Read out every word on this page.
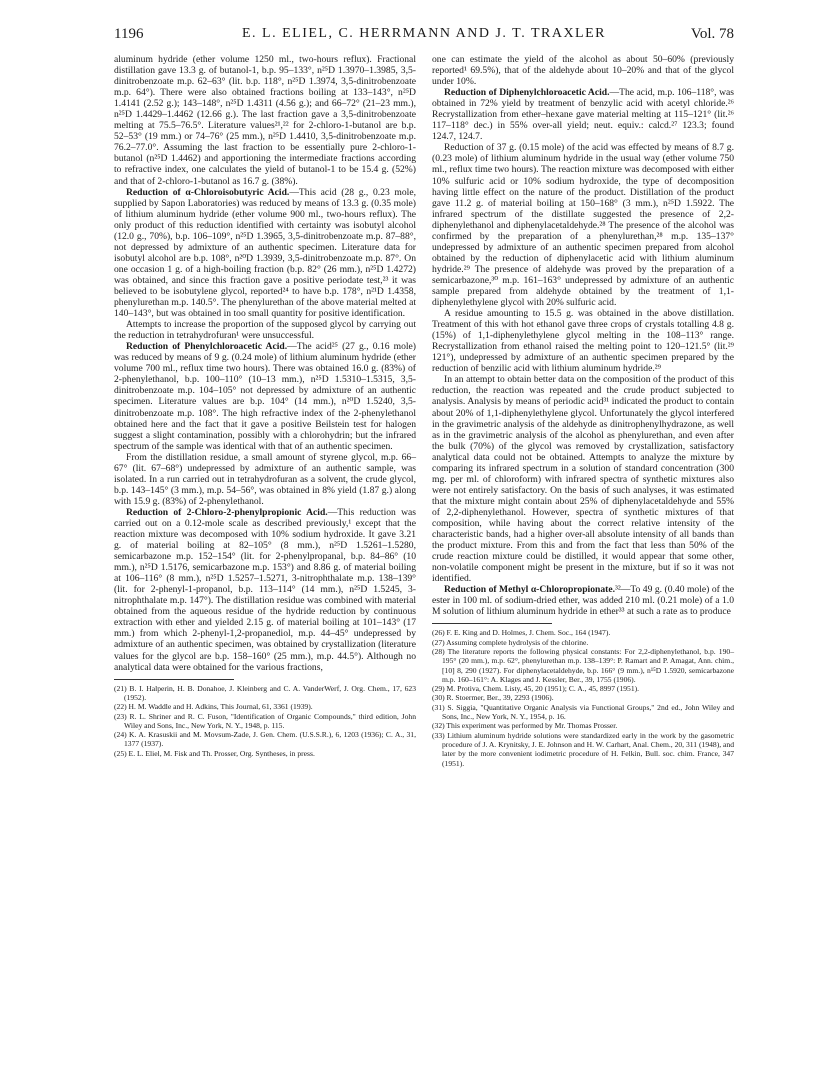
1196	E. L. ELIEL, C. HERRMANN AND J. T. TRAXLER	Vol. 78

aluminum hydride (ether volume 1250 ml., two-hours reflux). Fractional distillation gave 13.3 g. of butanol-1, b.p. 95–133°, n²⁵D 1.3970–1.3985, 3,5-dinitrobenzoate m.p. 62–63° (lit. b.p. 118°, n²⁵D 1.3974, 3,5-dinitrobenzoate m.p. 64°). There were also obtained fractions boiling at 133–143°, n²⁵D 1.4141 (2.52 g.); 143–148°, n²⁵D 1.4311 (4.56 g.); and 66–72° (21–23 mm.), n²⁵D 1.4429–1.4462 (12.66 g.). The last fraction gave a 3,5-dinitrobenzoate melting at 75.5–76.5°. Literature values²¹,²² for 2-chloro-1-butanol are b.p. 52–53° (19 mm.) or 74–76° (25 mm.), n²⁵D 1.4410, 3,5-dinitrobenzoate m.p. 76.2–77.0°. Assuming the last fraction to be essentially pure 2-chloro-1-butanol (n²⁵D 1.4462) and apportioning the intermediate fractions according to refractive index, one calculates the yield of butanol-1 to be 15.4 g. (52%) and that of 2-chloro-1-butanol as 16.7 g. (38%).

Reduction of α-Chloroisobutyric Acid.—This acid (28 g., 0.23 mole, supplied by Sapon Laboratories) was reduced by means of 13.3 g. (0.35 mole) of lithium aluminum hydride (ether volume 900 ml., two-hours reflux). The only product of this reduction identified with certainty was isobutyl alcohol (12.0 g., 70%), b.p. 106–109°, n²⁵D 1.3965, 3,5-dinitrobenzoate m.p. 87–88°, not depressed by admixture of an authentic specimen. Literature data for isobutyl alcohol are b.p. 108°, n²⁰D 1.3939, 3,5-dinitrobenzoate m.p. 87°. On one occasion 1 g. of a high-boiling fraction (b.p. 82° (26 mm.), n²⁵D 1.4272) was obtained, and since this fraction gave a positive periodate test,²³ it was believed to be isobutylene glycol, reported²⁴ to have b.p. 178°, n²¹D 1.4358, phenylurethan m.p. 140.5°. The phenylurethan of the above material melted at 140–143°, but was obtained in too small quantity for positive identification.

Attempts to increase the proportion of the supposed glycol by carrying out the reduction in tetrahydrofuran¹ were unsuccessful.

Reduction of Phenylchloroacetic Acid.—The acid²⁵ (27 g., 0.16 mole) was reduced by means of 9 g. (0.24 mole) of lithium aluminum hydride (ether volume 700 ml., reflux time two hours). There was obtained 16.0 g. (83%) of 2-phenylethanol, b.p. 100–110° (10–13 mm.), n²⁵D 1.5310–1.5315, 3,5-dinitrobenzoate m.p. 104–105° not depressed by admixture of an authentic specimen. Literature values are b.p. 104° (14 mm.), n²⁰D 1.5240, 3,5-dinitrobenzoate m.p. 108°. The high refractive index of the 2-phenylethanol obtained here and the fact that it gave a positive Beilstein test for halogen suggest a slight contamination, possibly with a chlorohydrin; but the infrared spectrum of the sample was identical with that of an authentic specimen.

From the distillation residue, a small amount of styrene glycol, m.p. 66–67° (lit. 67–68°) undepressed by admixture of an authentic sample, was isolated. In a run carried out in tetrahydrofuran as a solvent, the crude glycol, b.p. 143–145° (3 mm.), m.p. 54–56°, was obtained in 8% yield (1.87 g.) along with 15.9 g. (83%) of 2-phenylethanol.

Reduction of 2-Chloro-2-phenylpropionic Acid.—This reduction was carried out on a 0.12-mole scale as described previously,¹ except that the reaction mixture was decomposed with 10% sodium hydroxide. It gave 3.21 g. of material boiling at 82–105° (8 mm.), n²⁵D 1.5261–1.5280, semicarbazone m.p. 152–154° (lit. for 2-phenylpropanal, b.p. 84–86° (10 mm.), n²⁵D 1.5176, semicarbazone m.p. 153°) and 8.86 g. of material boiling at 106–116° (8 mm.), n²⁵D 1.5257–1.5271, 3-nitrophthalate m.p. 138–139° (lit. for 2-phenyl-1-propanol, b.p. 113–114° (14 mm.), n²⁵D 1.5245, 3-nitrophthalate m.p. 147°). The distillation residue was combined with material obtained from the aqueous residue of the hydride reduction by continuous extraction with ether and yielded 2.15 g. of material boiling at 101–143° (17 mm.) from which 2-phenyl-1,2-propanediol, m.p. 44–45° undepressed by admixture of an authentic specimen, was obtained by crystallization (literature values for the glycol are b.p. 158–160° (25 mm.), m.p. 44.5°). Although no analytical data were obtained for the various fractions,

(21) B. I. Halperin, H. B. Donahoe, J. Kleinberg and C. A. VanderWerf, J. Org. Chem., 17, 623 (1952).

(22) H. M. Waddle and H. Adkins, This Journal, 61, 3361 (1939).

(23) R. L. Shriner and R. C. Fuson, "Identification of Organic Compounds," third edition, John Wiley and Sons, Inc., New York, N. Y., 1948, p. 115.

(24) K. A. Krasuskii and M. Movsum-Zade, J. Gen. Chem. (U.S.S.R.), 6, 1203 (1936); C. A., 31, 1377 (1937).

(25) E. L. Eliel, M. Fisk and Th. Prosser, Org. Syntheses, in press.

one can estimate the yield of the alcohol as about 50–60% (previously reported¹ 69.5%), that of the aldehyde about 10–20% and that of the glycol under 10%.

Reduction of Diphenylchloroacetic Acid.—The acid, m.p. 106–118°, was obtained in 72% yield by treatment of benzylic acid with acetyl chloride.²⁶ Recrystallization from ether–hexane gave material melting at 115–121° (lit.²⁶ 117–118° dec.) in 55% over-all yield; neut. equiv.: calcd.²⁷ 123.3; found 124.7, 124.7.

Reduction of 37 g. (0.15 mole) of the acid was effected by means of 8.7 g. (0.23 mole) of lithium aluminum hydride in the usual way (ether volume 750 ml., reflux time two hours). The reaction mixture was decomposed with either 10% sulfuric acid or 10% sodium hydroxide, the type of decomposition having little effect on the nature of the product. Distillation of the product gave 11.2 g. of material boiling at 150–168° (3 mm.), n²⁵D 1.5922. The infrared spectrum of the distillate suggested the presence of 2,2-diphenylethanol and diphenylacetaldehyde.²⁸ The presence of the alcohol was confirmed by the preparation of a phenylurethan,²⁸ m.p. 135–137° undepressed by admixture of an authentic specimen prepared from alcohol obtained by the reduction of diphenylacetic acid with lithium aluminum hydride.²⁹ The presence of aldehyde was proved by the preparation of a semicarbazone,³⁰ m.p. 161–163° undepressed by admixture of an authentic sample prepared from aldehyde obtained by the treatment of 1,1-diphenylethylene glycol with 20% sulfuric acid.

A residue amounting to 15.5 g. was obtained in the above distillation. Treatment of this with hot ethanol gave three crops of crystals totalling 4.8 g. (15%) of 1,1-diphenylethylene glycol melting in the 108–113° range. Recrystallization from ethanol raised the melting point to 120–121.5° (lit.²⁹ 121°), undepressed by admixture of an authentic specimen prepared by the reduction of benzilic acid with lithium aluminum hydride.²⁹

In an attempt to obtain better data on the composition of the product of this reduction, the reaction was repeated and the crude product subjected to analysis. Analysis by means of periodic acid³¹ indicated the product to contain about 20% of 1,1-diphenylethylene glycol. Unfortunately the glycol interfered in the gravimetric analysis of the aldehyde as dinitrophenylhydrazone, as well as in the gravimetric analysis of the alcohol as phenylurethan, and even after the bulk (70%) of the glycol was removed by crystallization, satisfactory analytical data could not be obtained. Attempts to analyze the mixture by comparing its infrared spectrum in a solution of standard concentration (300 mg. per ml. of chloroform) with infrared spectra of synthetic mixtures also were not entirely satisfactory. On the basis of such analyses, it was estimated that the mixture might contain about 25% of diphenylacetaldehyde and 55% of 2,2-diphenylethanol. However, spectra of synthetic mixtures of that composition, while having about the correct relative intensity of the characteristic bands, had a higher over-all absolute intensity of all bands than the product mixture. From this and from the fact that less than 50% of the crude reaction mixture could be distilled, it would appear that some other, non-volatile component might be present in the mixture, but if so it was not identified.

Reduction of Methyl α-Chloropropionate.³²—To 49 g. (0.40 mole) of the ester in 100 ml. of sodium-dried ether, was added 210 ml. (0.21 mole) of a 1.0 M solution of lithium aluminum hydride in ether³³ at such a rate as to produce

(26) F. E. King and D. Holmes, J. Chem. Soc., 164 (1947).

(27) Assuming complete hydrolysis of the chlorine.

(28) The literature reports the following physical constants: For 2,2-diphenylethanol, b.p. 190–195° (20 mm.), m.p. 62°, phenylurethan m.p. 138–139°: P. Ramart and P. Amagat, Ann. chim., [10] 8, 290 (1927). For diphenylacetaldehyde, b.p. 166° (9 mm.), n¹⁵D 1.5920, semicarbazone m.p. 160–161°: A. Klages and J. Kessler, Ber., 39, 1755 (1906).

(29) M. Protiva, Chem. Listy, 45, 20 (1951); C. A., 45, 8997 (1951).

(30) R. Stoermer, Ber., 39, 2293 (1906).

(31) S. Siggia, "Quantitative Organic Analysis via Functional Groups," 2nd ed., John Wiley and Sons, Inc., New York, N. Y., 1954, p. 16.

(32) This experiment was performed by Mr. Thomas Prosser.

(33) Lithium aluminum hydride solutions were standardized early in the work by the gasometric procedure of J. A. Krynitsky, J. E. Johnson and H. W. Carhart, Anal. Chem., 20, 311 (1948), and later by the more convenient iodimetric procedure of H. Felkin, Bull. soc. chim. France, 347 (1951).
